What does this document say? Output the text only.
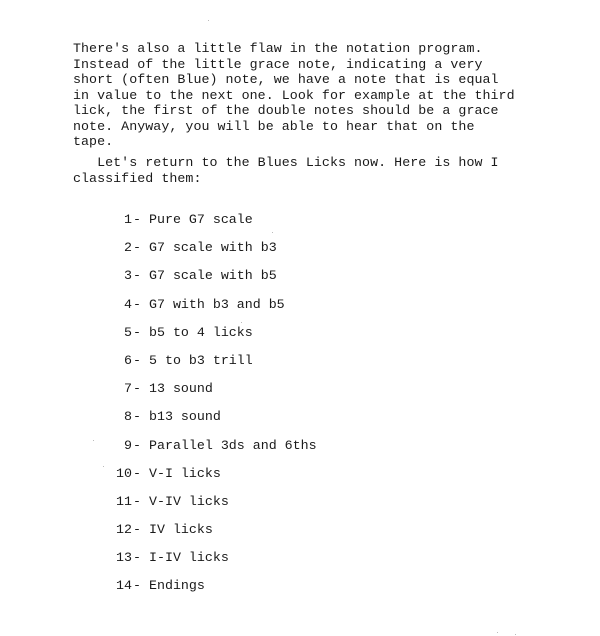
There's also a little flaw in the notation program.
Instead of the little grace note, indicating a very
short (often Blue) note, we have a note that is equal
in value to the next one. Look for example at the third
lick, the first of the double notes should be a grace
note. Anyway, you will be able to hear that on the
tape.

Let's return to the Blues Licks now. Here is how I
classified them:

1 - Pure G7 scale
2 - G7 scale with b3
3 - G7 scale with b5
4 - G7 with b3 and b5
5 - b5 to 4 licks
6 - 5 to b3 trill
7 - 13 sound
8 - b13 sound
9 - Parallel 3ds and 6ths
10 - V-I licks
11 - V-IV licks
12 - IV licks
13 - I-IV licks
14 - Endings
